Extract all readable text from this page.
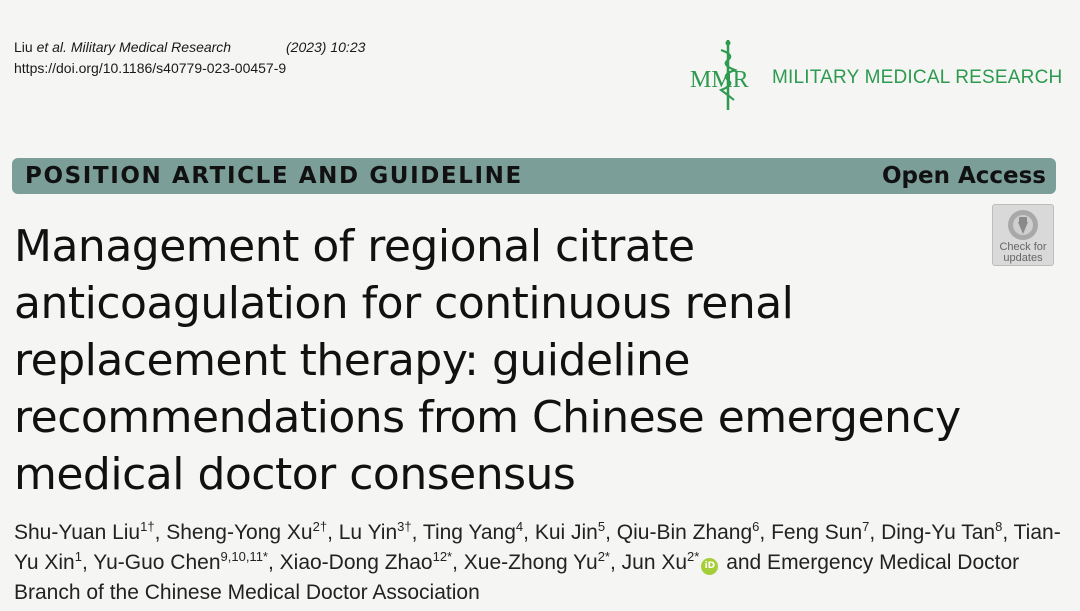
Liu et al. Military Medical Research	(2023) 10:23
https://doi.org/10.1186/s40779-023-00457-9	MMR MILITARY MEDICAL RESEARCH
POSITION ARTICLE AND GUIDELINE	Open Access
Check for
updates
Management of regional citrate
anticoagulation for continuous renal
replacement therapy: guideline
recommendations from Chinese emergency
medical doctor consensus
Shu-Yuan Liu$^{1\dagger}$, Sheng-Yong $Xu^{2\dagger}$, Lu Yin$^{3\dagger}$, Ting Yang$^4$, Kui Jin$^5$, Qiu-Bin Zhang$^6$, Feng Sun$^7$, Ding-Yu Tan$^8$, Tian-Yu Xin$^1$, Yu-Guo Chen$^{9,10,11*}$, Xiao-Dong Zhao$^{12*}$, Xue-Zhong $Yu^{2*}$, Jun $Xu^{2*}iD$ and Emergency Medical Doctor Branch of the Chinese Medical Doctor Association
